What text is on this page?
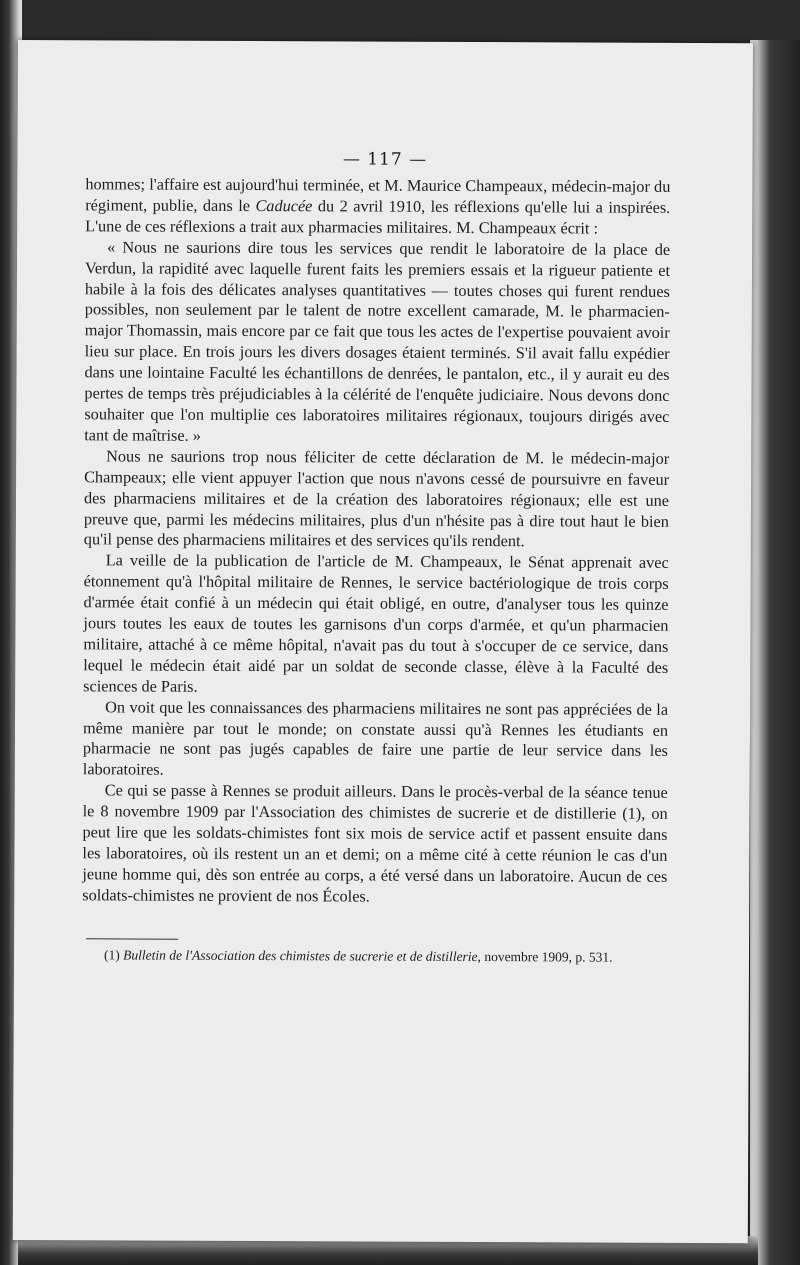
— 117 —

hommes; l'affaire est aujourd'hui terminée, et M. Maurice Champeaux, médecin-major du régiment, publie, dans le Caducée du 2 avril 1910, les réflexions qu'elle lui a inspirées. L'une de ces réflexions a trait aux pharmacies militaires. M. Champeaux écrit :

« Nous ne saurions dire tous les services que rendit le laboratoire de la place de Verdun, la rapidité avec laquelle furent faits les premiers essais et la rigueur patiente et habile à la fois des délicates analyses quantitatives — toutes choses qui furent rendues possibles, non seulement par le talent de notre excellent camarade, M. le pharmacien-major Thomassin, mais encore par ce fait que tous les actes de l'expertise pouvaient avoir lieu sur place. En trois jours les divers dosages étaient terminés. S'il avait fallu expédier dans une lointaine Faculté les échantillons de denrées, le pantalon, etc., il y aurait eu des pertes de temps très préjudiciables à la célérité de l'enquête judiciaire. Nous devons donc souhaiter que l'on multiplie ces laboratoires militaires régionaux, toujours dirigés avec tant de maîtrise. »

Nous ne saurions trop nous féliciter de cette déclaration de M. le médecin-major Champeaux; elle vient appuyer l'action que nous n'avons cessé de poursuivre en faveur des pharmaciens militaires et de la création des laboratoires régionaux; elle est une preuve que, parmi les médecins militaires, plus d'un n'hésite pas à dire tout haut le bien qu'il pense des pharmaciens militaires et des services qu'ils rendent.

La veille de la publication de l'article de M. Champeaux, le Sénat apprenait avec étonnement qu'à l'hôpital militaire de Rennes, le service bactériologique de trois corps d'armée était confié à un médecin qui était obligé, en outre, d'analyser tous les quinze jours toutes les eaux de toutes les garnisons d'un corps d'armée, et qu'un pharmacien militaire, attaché à ce même hôpital, n'avait pas du tout à s'occuper de ce service, dans lequel le médecin était aidé par un soldat de seconde classe, élève à la Faculté des sciences de Paris.

On voit que les connaissances des pharmaciens militaires ne sont pas appréciées de la même manière par tout le monde; on constate aussi qu'à Rennes les étudiants en pharmacie ne sont pas jugés capables de faire une partie de leur service dans les laboratoires.

Ce qui se passe à Rennes se produit ailleurs. Dans le procès-verbal de la séance tenue le 8 novembre 1909 par l'Association des chimistes de sucrerie et de distillerie (1), on peut lire que les soldats-chimistes font six mois de service actif et passent ensuite dans les laboratoires, où ils restent un an et demi; on a même cité à cette réunion le cas d'un jeune homme qui, dès son entrée au corps, a été versé dans un laboratoire. Aucun de ces soldats-chimistes ne provient de nos Écoles.

(1) Bulletin de l'Association des chimistes de sucrerie et de distillerie, novembre 1909, p. 531.
